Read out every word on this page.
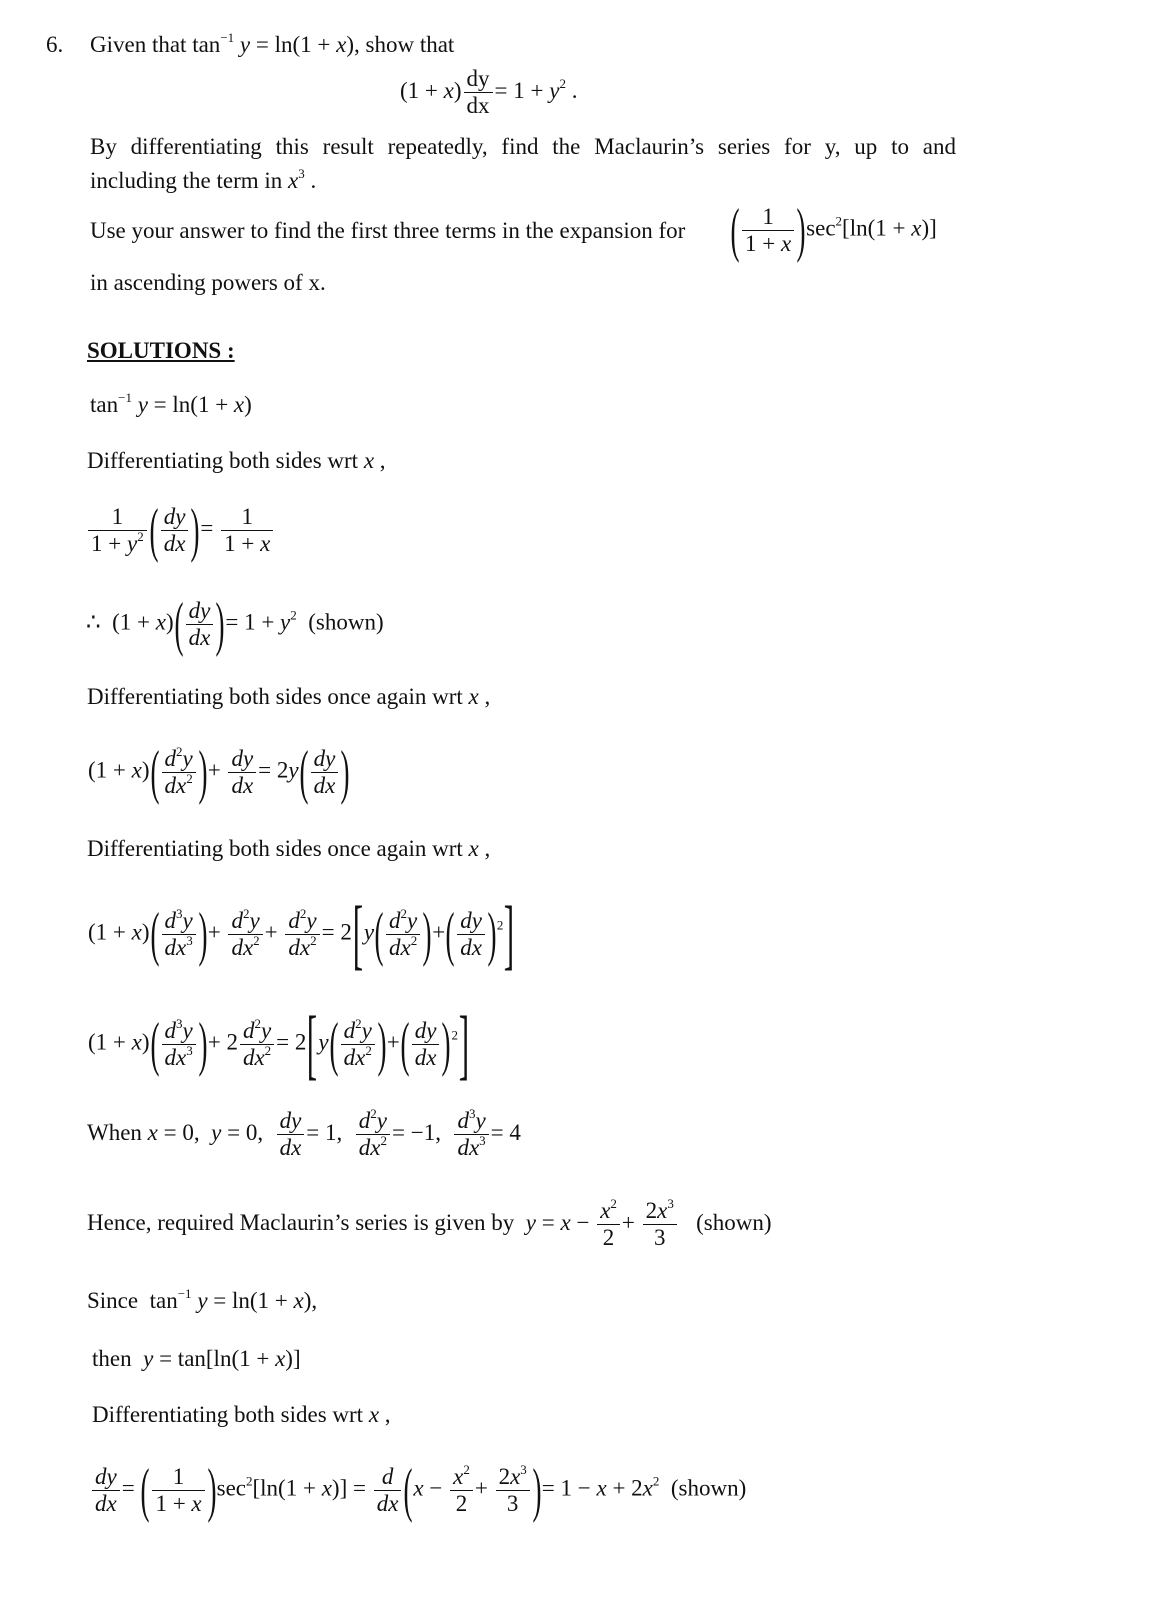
6. Given that $\tan^{-1} y = \ln(1 + x)$, show that
$(1 + x) \frac{dy}{dx} = 1 + y^2$ .
By differentiating this result repeatedly, find the Maclaurin’s series for y, up to and
including the term in $x^3$ .
Use your answer to find the first three terms in the expansion for ( $\frac{1}{1 + x} )\sec^2[\ln(1 + x)]$
in ascending powers of x.
SOLUTIONS :
$\tan^{-1} y = \ln(1 + x)$
Differentiating both sides wrt x ,
$\frac{1}{1 + y^2}$ ( $\frac{dy}{dx}$ )= $\frac{1}{1 + x}$
∴  $(1 + x)( \frac{dy}{dx}$ )= $1 + y^2$ (shown)
Differentiating both sides once again wrt x ,
$(1 + x)( \frac{d^2y}{dx^2}$ )+ $\frac{dy}{dx} = 2y( \frac{dy}{dx}$ )
Differentiating both sides once again wrt x ,
$(1 + x)( \frac{d^3y}{dx^3}$ )+ $\frac{d^2y}{dx^2} + \frac{d^2y}{dx^2} = 2[y( \frac{d^2y}{dx^2}$ )+( $\frac{dy}{dx} )^2$]
$(1 + x)( \frac{d^3y}{dx^3}$ )+ $2 \frac{d^2y}{dx^2} = 2[y( \frac{d^2y}{dx^2}$ )+( $\frac{dy}{dx} )^2$]
When x = 0,  y = 0, $\frac{dy}{dx} = 1$, $\frac{d^2y}{dx^2} = -1$, $\frac{d^3y}{dx^3} = 4$
Hence, required Maclaurin’s series is given by $y = x - \frac{x^2}{2} + \frac{2x^3}{3}$ (shown)
Since  $\tan^{-1} y = \ln(1 + x)$,
then y = tan[ln(1 + x)]
Differentiating both sides wrt x ,
$\frac{dy}{dx}$ = ( $\frac{1}{1 + x} )\sec^2[\ln(1 + x)] = \frac{d}{dx} (x - \frac{x^2}{2} + \frac{2x^3}{3}$ )= $1 - x + 2x^2$ (shown)
